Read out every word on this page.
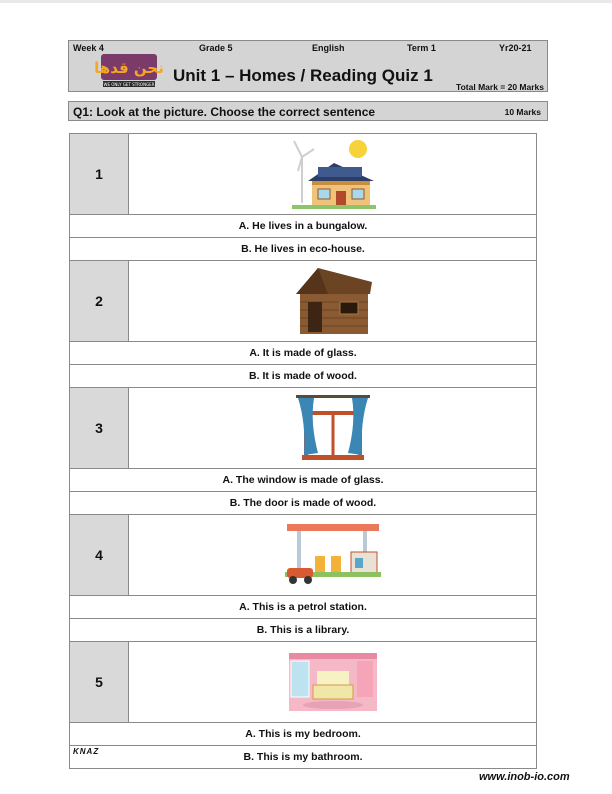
Week 4	Grade 5	English	Term 1	Yr20-21
نحن قدها
WE ONLY GET STRONGER Unit 1 – Homes / Reading Quiz 1
Total Mark = 20 Marks
Q1: Look at the picture. Choose the correct sentence	10 Marks
1
A. He lives in a bungalow.
B. He lives in eco-house.
2
A. It is made of glass.
B. It is made of wood.
3
A. The window is made of glass.
B. The door is made of wood.
4
A. This is a petrol station.
B. This is a library.
5
A. This is my bedroom.
B. This is my bathroom.
KNAZ
www.inob-io.com
